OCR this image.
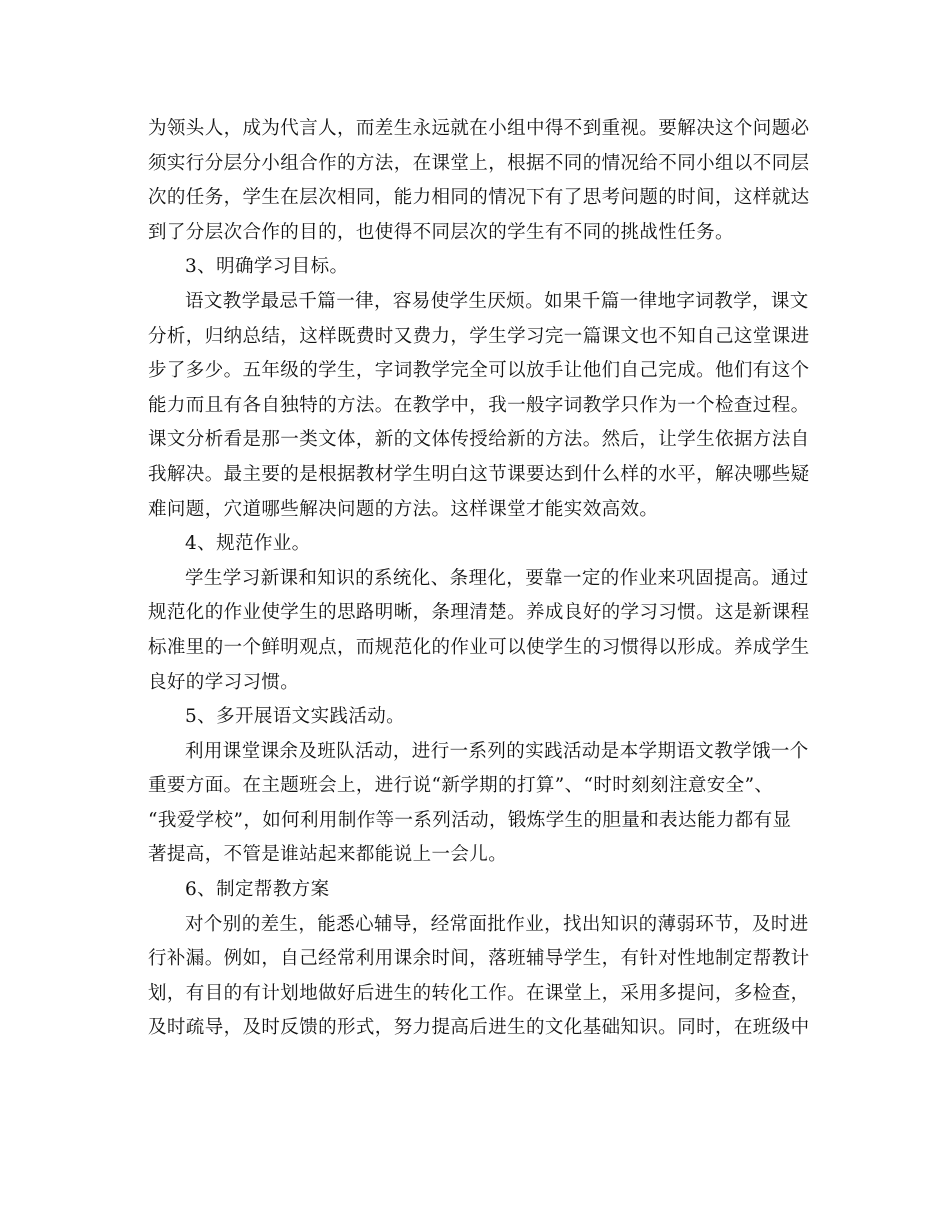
为领头人，成为代言人，而差生永远就在小组中得不到重视。要解决这个问题必
须实行分层分小组合作的方法，在课堂上，根据不同的情况给不同小组以不同层
次的任务，学生在层次相同，能力相同的情况下有了思考问题的时间，这样就达
到了分层次合作的目的，也使得不同层次的学生有不同的挑战性任务。
3、明确学习目标。
语文教学最忌千篇一律，容易使学生厌烦。如果千篇一律地字词教学，课文
分析，归纳总结，这样既费时又费力，学生学习完一篇课文也不知自己这堂课进
步了多少。五年级的学生，字词教学完全可以放手让他们自己完成。他们有这个
能力而且有各自独特的方法。在教学中，我一般字词教学只作为一个检查过程。
课文分析看是那一类文体，新的文体传授给新的方法。然后，让学生依据方法自
我解决。最主要的是根据教材学生明白这节课要达到什么样的水平，解决哪些疑
难问题，穴道哪些解决问题的方法。这样课堂才能实效高效。
4、规范作业。
学生学习新课和知识的系统化、条理化，要靠一定的作业来巩固提高。通过
规范化的作业使学生的思路明晰，条理清楚。养成良好的学习习惯。这是新课程
标准里的一个鲜明观点，而规范化的作业可以使学生的习惯得以形成。养成学生
良好的学习习惯。
5、多开展语文实践活动。
利用课堂课余及班队活动，进行一系列的实践活动是本学期语文教学饿一个
重要方面。在主题班会上，进行说“新学期的打算”、“时时刻刻注意安全”、
“我爱学校”，如何利用制作等一系列活动，锻炼学生的胆量和表达能力都有显
著提高，不管是谁站起来都能说上一会儿。
6、制定帮教方案
对个别的差生，能悉心辅导，经常面批作业，找出知识的薄弱环节，及时进
行补漏。例如，自己经常利用课余时间，落班辅导学生，有针对性地制定帮教计
划，有目的有计划地做好后进生的转化工作。在课堂上，采用多提问，多检查，
及时疏导，及时反馈的形式，努力提高后进生的文化基础知识。同时，在班级中
